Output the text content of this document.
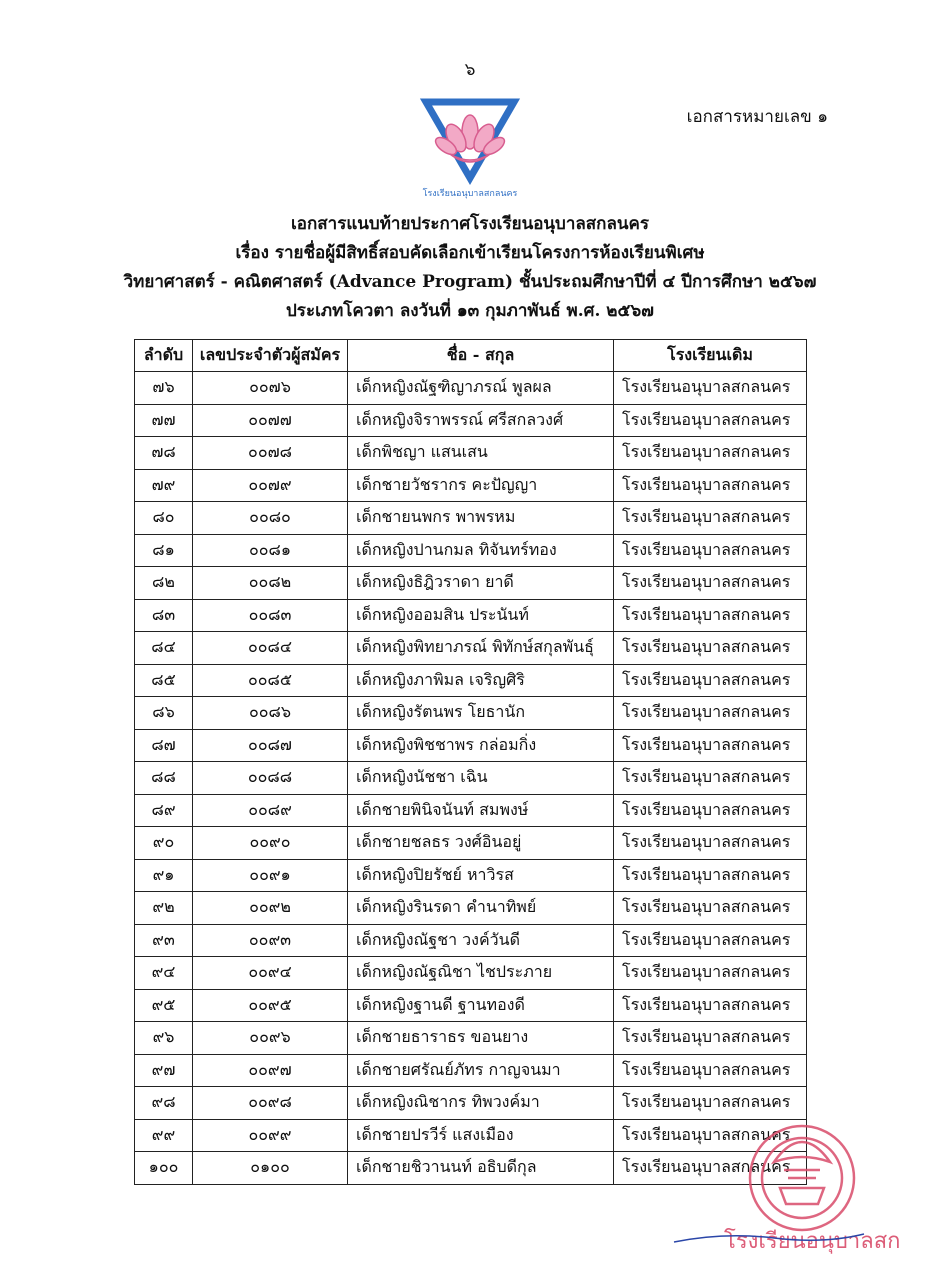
๖
เอกสารหมายเลข ๑
โรงเรียนอนุบาลสกลนคร
เอกสารแนบท้ายประกาศโรงเรียนอนุบาลสกลนคร
เรื่อง รายชื่อผู้มีสิทธิ์สอบคัดเลือกเข้าเรียนโครงการห้องเรียนพิเศษ
วิทยาศาสตร์ - คณิตศาสตร์ (Advance Program) ชั้นประถมศึกษาปีที่ ๔ ปีการศึกษา ๒๕๖๗
ประเภทโควตา ลงวันที่ ๑๓ กุมภาพันธ์ พ.ศ. ๒๕๖๗
ลำดับ	เลขประจำตัวผู้สมัคร	ชื่อ - สกุล	โรงเรียนเดิม
๗๖	๐๐๗๖	เด็กหญิงณัฐฑิญาภรณ์ พูลผล	โรงเรียนอนุบาลสกลนคร
๗๗	๐๐๗๗	เด็กหญิงจิราพรรณ์ ศรีสกลวงศ์	โรงเรียนอนุบาลสกลนคร
๗๘	๐๐๗๘	เด็กพิชญา แสนเสน	โรงเรียนอนุบาลสกลนคร
๗๙	๐๐๗๙	เด็กชายวัชรากร คะปัญญา	โรงเรียนอนุบาลสกลนคร
๘๐	๐๐๘๐	เด็กชายนพกร พาพรหม	โรงเรียนอนุบาลสกลนคร
๘๑	๐๐๘๑	เด็กหญิงปานกมล ทิจันทร์ทอง	โรงเรียนอนุบาลสกลนคร
๘๒	๐๐๘๒	เด็กหญิงธิฎิวราดา ยาดี	โรงเรียนอนุบาลสกลนคร
๘๓	๐๐๘๓	เด็กหญิงออมสิน ประนันท์	โรงเรียนอนุบาลสกลนคร
๘๔	๐๐๘๔	เด็กหญิงพิทยาภรณ์ พิทักษ์สกุลพันธุ์	โรงเรียนอนุบาลสกลนคร
๘๕	๐๐๘๕	เด็กหญิงภาพิมล เจริญศิริ	โรงเรียนอนุบาลสกลนคร
๘๖	๐๐๘๖	เด็กหญิงรัตนพร โยธานัก	โรงเรียนอนุบาลสกลนคร
๘๗	๐๐๘๗	เด็กหญิงพิชชาพร กล่อมกิ่ง	โรงเรียนอนุบาลสกลนคร
๘๘	๐๐๘๘	เด็กหญิงนัชชา เฉิน	โรงเรียนอนุบาลสกลนคร
๘๙	๐๐๘๙	เด็กชายพินิจนันท์ สมพงษ์	โรงเรียนอนุบาลสกลนคร
๙๐	๐๐๙๐	เด็กชายชลธร วงศ์อินอยู่	โรงเรียนอนุบาลสกลนคร
๙๑	๐๐๙๑	เด็กหญิงปิยรัชย์ หาวิรส	โรงเรียนอนุบาลสกลนคร
๙๒	๐๐๙๒	เด็กหญิงรินรดา คำนาทิพย์	โรงเรียนอนุบาลสกลนคร
๙๓	๐๐๙๓	เด็กหญิงณัฐชา วงค์วันดี	โรงเรียนอนุบาลสกลนคร
๙๔	๐๐๙๔	เด็กหญิงณัฐณิชา ไชประภาย	โรงเรียนอนุบาลสกลนคร
๙๕	๐๐๙๕	เด็กหญิงฐานดี ฐานทองดี	โรงเรียนอนุบาลสกลนคร
๙๖	๐๐๙๖	เด็กชายธาราธร ขอนยาง	โรงเรียนอนุบาลสกลนคร
๙๗	๐๐๙๗	เด็กชายศรัณย์ภัทร กาญจนมา	โรงเรียนอนุบาลสกลนคร
๙๘	๐๐๙๘	เด็กหญิงณิชากร ทิพวงค์มา	โรงเรียนอนุบาลสกลนคร
๙๙	๐๐๙๙	เด็กชายปรวีร์ แสงเมือง	โรงเรียนอนุบาลสกลนคร
๑๐๐	๐๑๐๐	เด็กชายชิวานนท์ อธิบดีกุล	โรงเรียนอนุบาลสกลนคร
โรงเรียนอนุบาลสก
